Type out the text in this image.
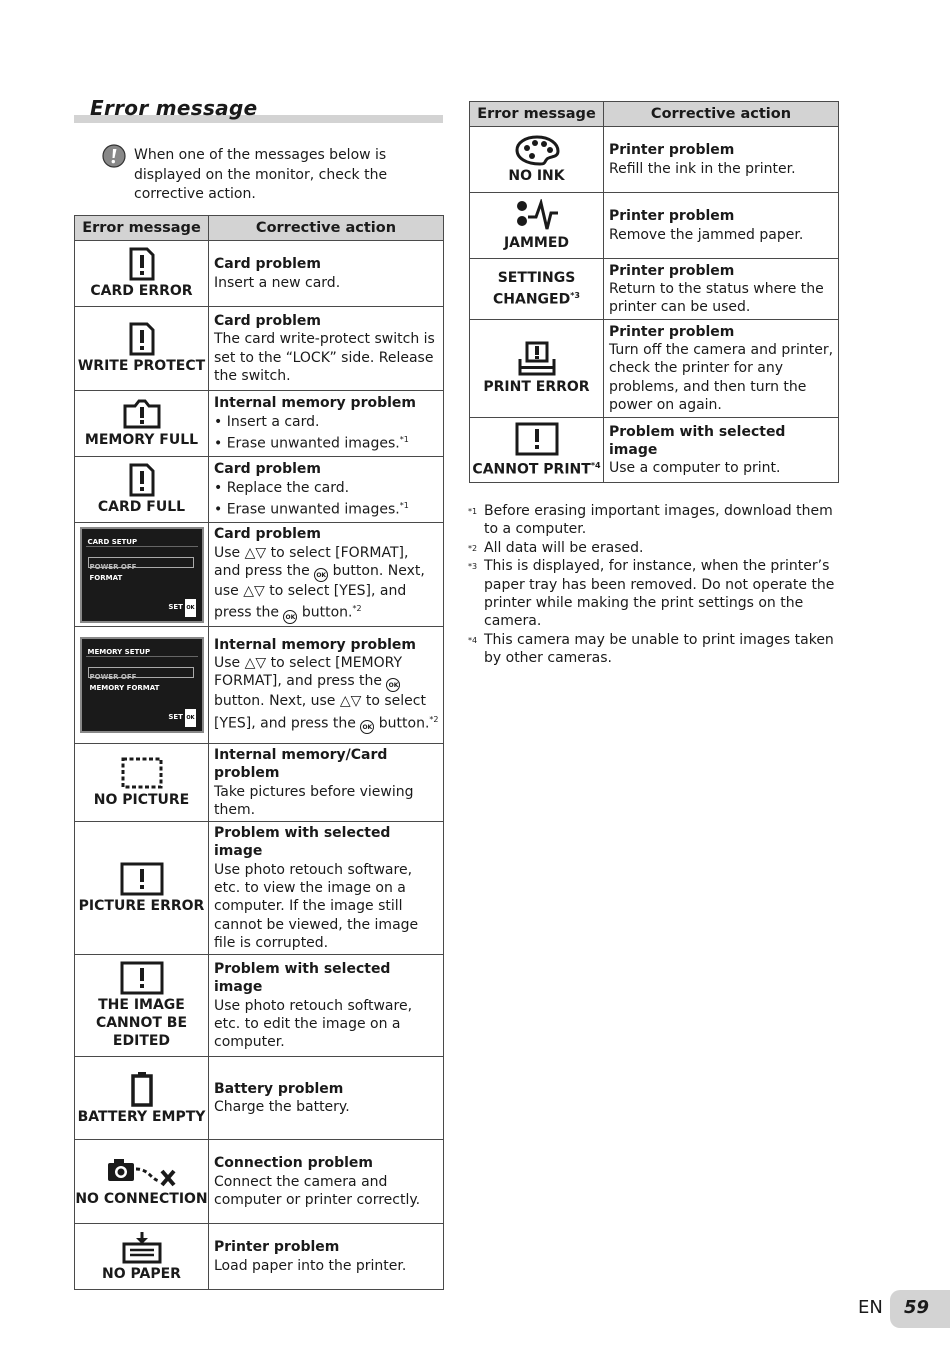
Error message
When one of the messages below is displayed on the monitor, check the corrective action.
Error message	Corrective action

CARD ERROR	Card problem
Insert a new card.

WRITE PROTECT	Card problem
The card write-protect switch is set to the “LOCK” side. Release the switch.

MEMORY FULL	Internal memory problem
• Insert a card.
• Erase unwanted images.$^{*1}$

CARD FULL	Card problem
• Replace the card.
• Erase unwanted images.$^{*1}$

CARD SETUP
POWER OFF
FORMAT
SET OK	Card problem
Use △▽ to select [FORMAT], and press the OK button. Next, use △▽ to select [YES], and press the OK button.$^{*2}$

MEMORY SETUP
POWER OFF
MEMORY FORMAT
SET OK	Internal memory problem
Use △▽ to select [MEMORY FORMAT], and press the OK button. Next, use △▽ to select [YES], and press the OK button.$^{*2}$

NO PICTURE	Internal memory/Card problem
Take pictures before viewing them.

PICTURE ERROR	Problem with selected image
Use photo retouch software, etc. to view the image on a computer. If the image still cannot be viewed, the image file is corrupted.

THE IMAGE CANNOT BE EDITED	Problem with selected image
Use photo retouch software, etc. to edit the image on a computer.

BATTERY EMPTY	Battery problem
Charge the battery.

NO CONNECTION	Connection problem
Connect the camera and computer or printer correctly.

NO PAPER	Printer problem
Load paper into the printer.
Error message	Corrective action

NO INK	Printer problem
Refill the ink in the printer.

JAMMED	Printer problem
Remove the jammed paper.

SETTINGS CHANGED$^{*3}$	Printer problem
Return to the status where the printer can be used.

PRINT ERROR	Printer problem
Turn off the camera and printer, check the printer for any problems, and then turn the power on again.

CANNOT PRINT$^{*4}$	Problem with selected image
Use a computer to print.
*1 Before erasing important images, download them to a computer.
*2 All data will be erased.
*3 This is displayed, for instance, when the printer’s paper tray has been removed. Do not operate the printer while making the print settings on the camera.
*4 This camera may be unable to print images taken by other cameras.
EN 59
